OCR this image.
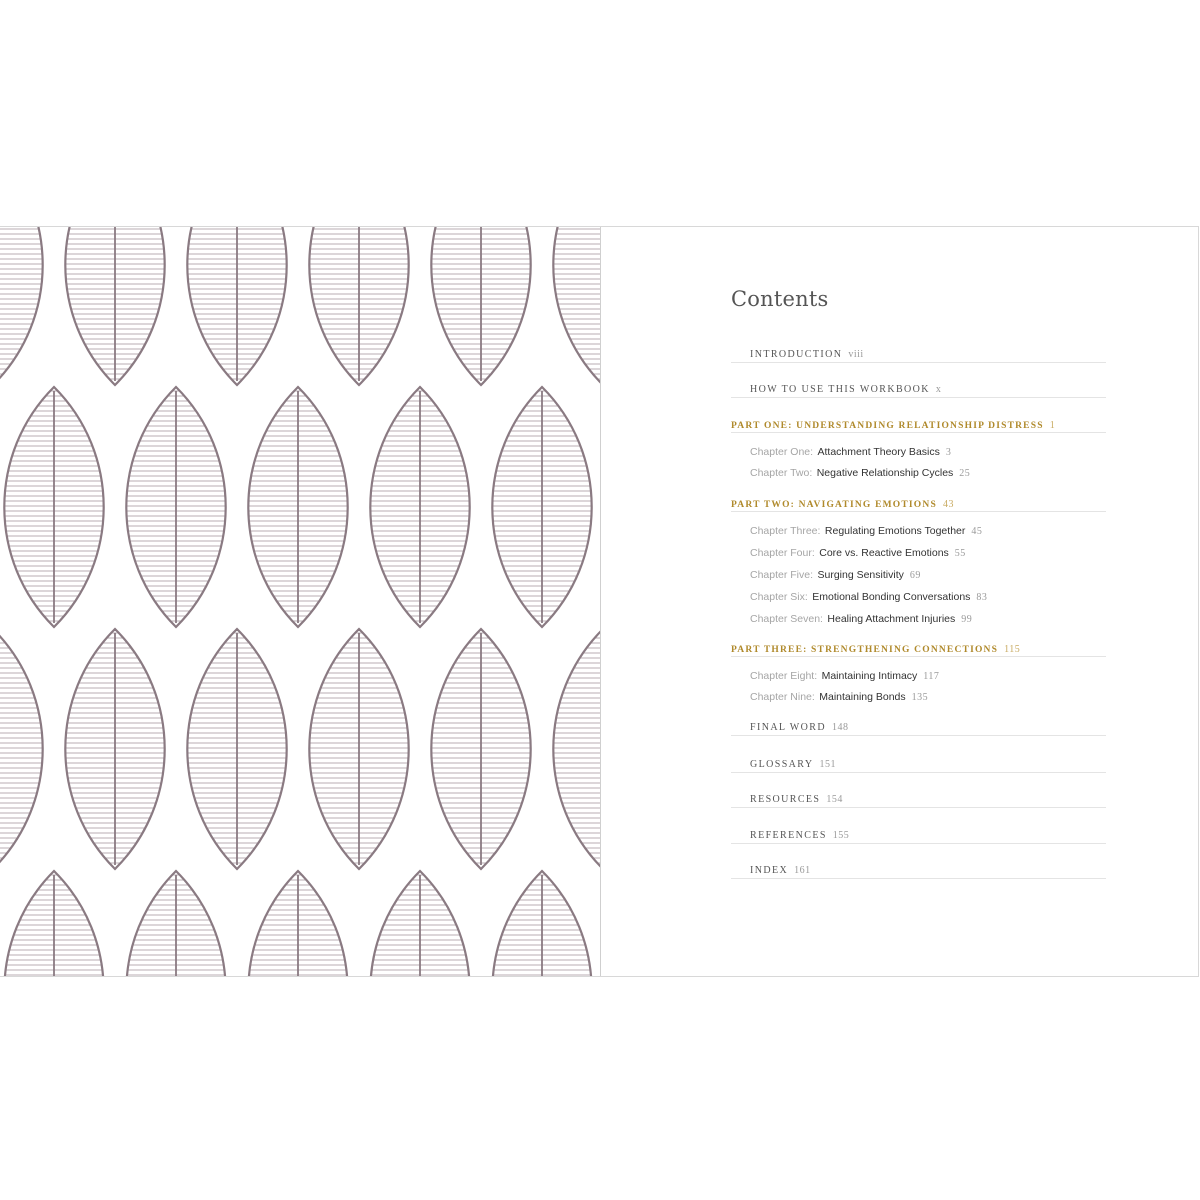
Contents
INTRODUCTION viii
HOW TO USE THIS WORKBOOK x
PART ONE: UNDERSTANDING RELATIONSHIP DISTRESS 1
Chapter One: Attachment Theory Basics 3
Chapter Two: Negative Relationship Cycles 25
PART TWO: NAVIGATING EMOTIONS 43
Chapter Three: Regulating Emotions Together 45
Chapter Four: Core vs. Reactive Emotions 55
Chapter Five: Surging Sensitivity 69
Chapter Six: Emotional Bonding Conversations 83
Chapter Seven: Healing Attachment Injuries 99
PART THREE: STRENGTHENING CONNECTIONS 115
Chapter Eight: Maintaining Intimacy 117
Chapter Nine: Maintaining Bonds 135
FINAL WORD 148
GLOSSARY 151
RESOURCES 154
REFERENCES 155
INDEX 161
